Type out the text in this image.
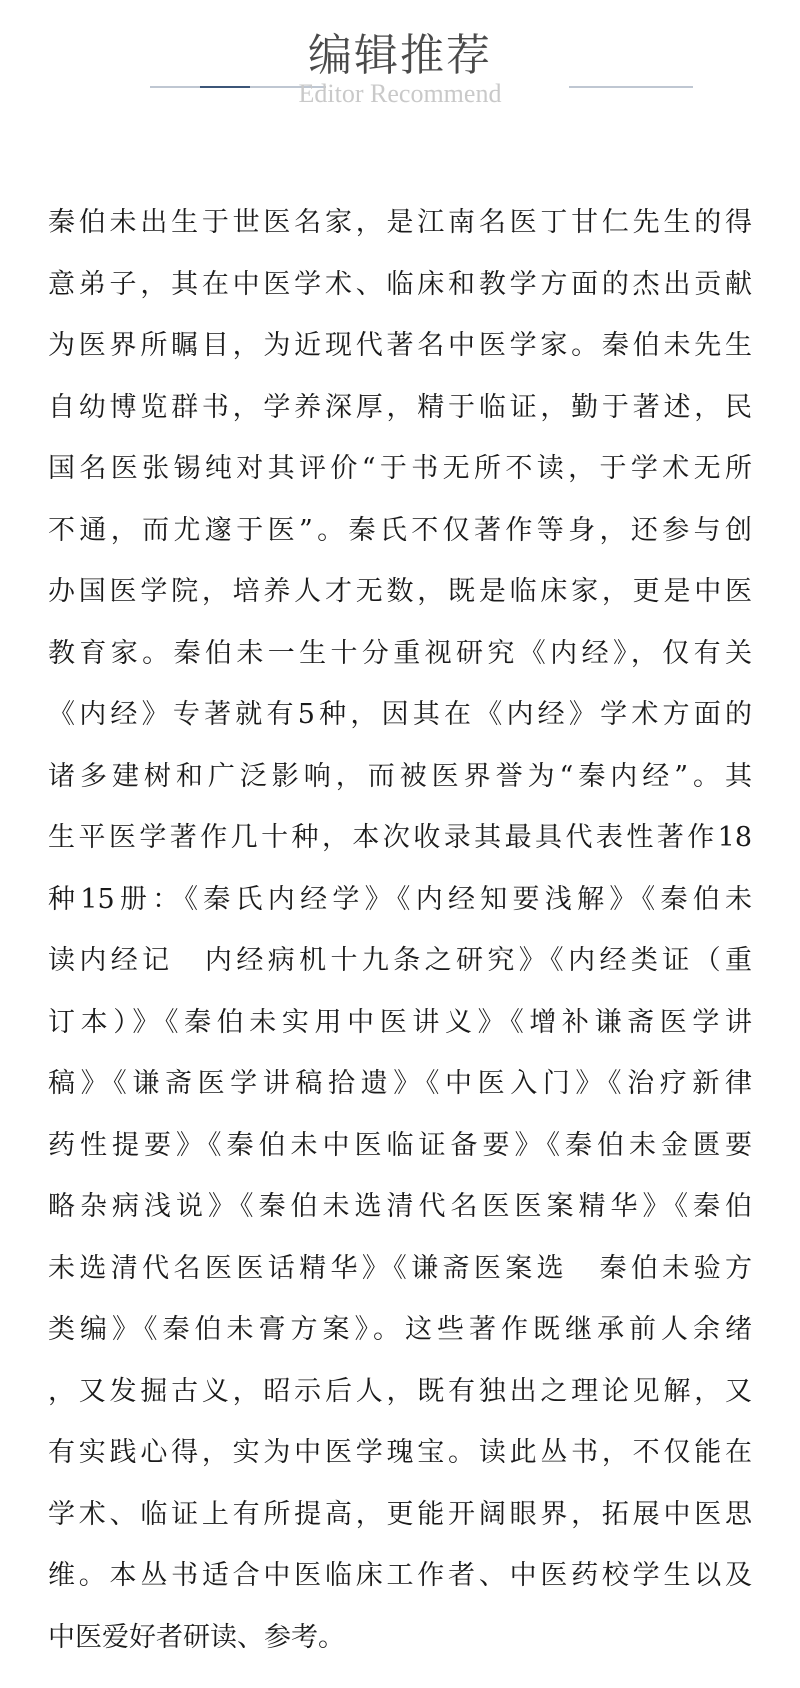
编辑推荐
Editor Recommend
秦伯未出生于世医名家，是江南名医丁甘仁先生的得
意弟子，其在中医学术、临床和教学方面的杰出贡献
为医界所瞩目，为近现代著名中医学家。秦伯未先生
自幼博览群书，学养深厚，精于临证，勤于著述，民
国名医张锡纯对其评价“于书无所不读，于学术无所
不通，而尤邃于医”。秦氏不仅著作等身，还参与创
办国医学院，培养人才无数，既是临床家，更是中医
教育家。秦伯未一生十分重视研究《内经》，仅有关
《内经》专著就有5种，因其在《内经》学术方面的
诸多建树和广泛影响，而被医界誉为“秦内经”。其
生平医学著作几十种，本次收录其最具代表性著作18
种15册：《秦氏内经学》《内经知要浅解》《秦伯未
读内经记　内经病机十九条之研究》《内经类证（重
订本）》《秦伯未实用中医讲义》《增补谦斋医学讲
稿》《谦斋医学讲稿拾遗》《中医入门》《治疗新律
药性提要》《秦伯未中医临证备要》《秦伯未金匮要
略杂病浅说》《秦伯未选清代名医医案精华》《秦伯
未选清代名医医话精华》《谦斋医案选　秦伯未验方
类编》《秦伯未膏方案》。这些著作既继承前人余绪
，又发掘古义，昭示后人，既有独出之理论见解，又
有实践心得，实为中医学瑰宝。读此丛书，不仅能在
学术、临证上有所提高，更能开阔眼界，拓展中医思
维。本丛书适合中医临床工作者、中医药校学生以及
中医爱好者研读、参考。
